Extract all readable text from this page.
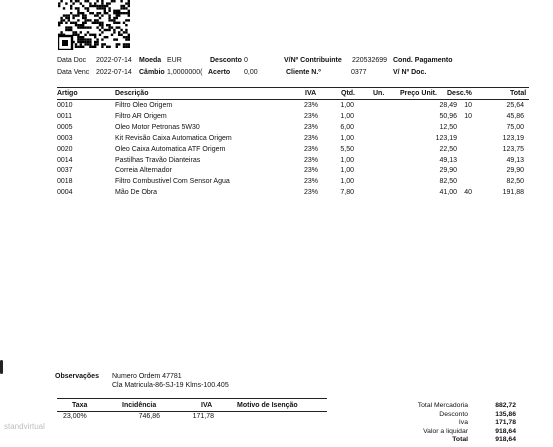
Data Doc 2022-07-14 Moeda EUR	Desconto 0	V/Nº Contribuinte 220532699 Cond. Pagamento
Data Venc 2022-07-14 Câmbio 1,0000000( Acerto 0,00	Cliente N.º	0377	V/ Nº Doc.
Artigo	Descrição	IVA	Qtd.	Un. Preço Unit. Desc.%	Total
0010	Filtro Oleo Origem	23%	1,00	28,49	10	25,64
0011	Filtro AR Origem	23%	1,00	50,96	10	45,86
0005	Oleo Motor Petronas 5W30	23%	6,00	12,50	75,00
0003	Kit Revisão Caixa Automatica Origem	23%	1,00	123,19	123,19
0020	Oleo Caixa Automatica ATF Origem	23%	5,50	22,50	123,75
0014	Pastilhas Travão Dianteiras	23%	1,00	49,13	49,13
0037	Correia Alternador	23%	1,00	29,90	29,90
0018	Filtro Combustivel Com Sensor Agua	23%	1,00	82,50	82,50
0004	Mão De Obra	23%	7,80	41,00	40	191,88
Observações Numero Ordem 47781
Cla Matricula-86-SJ-19 Klms-100.405
Taxa	Incidência	IVA	Motivo de Isenção
23,00%	746,86	171,78
Total Mercadoria	882,72
Desconto	135,86
Iva	171,78
Valor a liquidar	918,64
Total	918,64
standvirtual
